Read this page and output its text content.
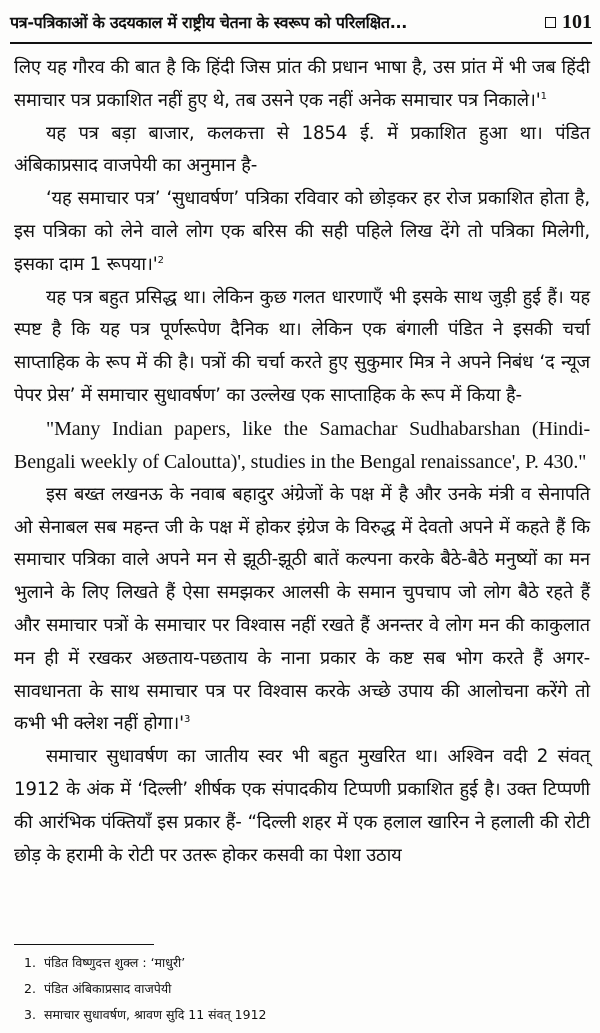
पत्र-पत्रिकाओं के उदयकाल में राष्ट्रीय चेतना के स्वरूप को परिलक्षित...	101

लिए यह गौरव की बात है कि हिंदी जिस प्रांत की प्रधान भाषा है, उस प्रांत में भी जब हिंदी समाचार पत्र प्रकाशित नहीं हुए थे, तब उसने एक नहीं अनेक समाचार पत्र $निकाले।'^1$

यह पत्र बड़ा बाजार, कलकत्ता से 1854 ई. में प्रकाशित हुआ था। पंडित अंबिकाप्रसाद वाजपेयी का अनुमान है-

‘यह समाचार पत्र’ ‘सुधावर्षण’ पत्रिका रविवार को छोड़कर हर रोज प्रकाशित होता है, इस पत्रिका को लेने वाले लोग एक बरिस की सही पहिले लिख देंगे तो पत्रिका मिलेगी, इसका दाम 1 $रूपया।'^2$

यह पत्र बहुत प्रसिद्ध था। लेकिन कुछ गलत धारणाएँ भी इसके साथ जुड़ी हुई हैं। यह स्पष्ट है कि यह पत्र पूर्णरूपेण दैनिक था। लेकिन एक बंगाली पंडित ने इसकी चर्चा साप्ताहिक के रूप में की है। पत्रों की चर्चा करते हुए सुकुमार मित्र ने अपने निबंध ‘द न्यूज पेपर प्रेस’ में समाचार सुधावर्षण’ का उल्लेख एक साप्ताहिक के रूप में किया है-

"Many Indian papers, like the Samachar Sudhabarshan (Hindi-Bengali weekly of Caloutta)', studies in the Bengal renaissance', P. 430."

इस बख्त लखनऊ के नवाब बहादुर अंग्रेजों के पक्ष में है और उनके मंत्री व सेनापति ओ सेनाबल सब महन्त जी के पक्ष में होकर इंग्रेज के विरुद्ध में देवतो अपने में कहते हैं कि समाचार पत्रिका वाले अपने मन से झूठी-झूठी बातें कल्पना करके बैठे-बैठे मनुष्यों का मन भुलाने के लिए लिखते हैं ऐसा समझकर आलसी के समान चुपचाप जो लोग बैठे रहते हैं और समाचार पत्रों के समाचार पर विश्वास नहीं रखते हैं अनन्तर वे लोग मन की काकुलात मन ही में रखकर अछताय-पछताय के नाना प्रकार के कष्ट सब भोग करते हैं अगर-सावधानता के साथ समाचार पत्र पर विश्वास करके अच्छे उपाय की आलोचना करेंगे तो कभी भी क्लेश नहीं $होगा।'^3$

समाचार सुधावर्षण का जातीय स्वर भी बहुत मुखरित था। अश्विन वदी 2 संवत् 1912 के अंक में ‘दिल्ली’ शीर्षक एक संपादकीय टिप्पणी प्रकाशित हुई है। उक्त टिप्पणी की आरंभिक पंक्तियाँ इस प्रकार हैं- “दिल्ली शहर में एक हलाल खारिन ने हलाली की रोटी छोड़ के हरामी के रोटी पर उतरू होकर कसवी का पेशा उठाय

1. पंडित विष्णुदत्त शुक्ल : ‘माधुरी’

2. पंडित अंबिकाप्रसाद वाजपेयी

3. समाचार सुधावर्षण, श्रावण सुदि 11 संवत् 1912
